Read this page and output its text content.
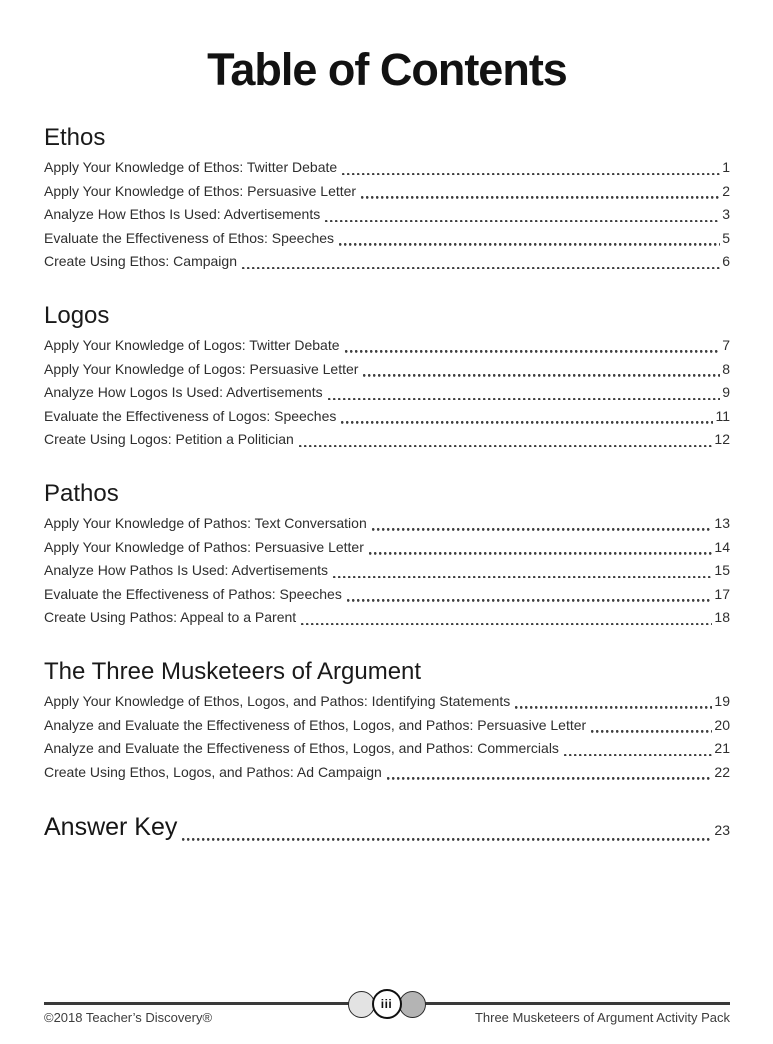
Table of Contents
Ethos
Apply Your Knowledge of Ethos: Twitter Debate	1
Apply Your Knowledge of Ethos: Persuasive Letter	2
Analyze How Ethos Is Used: Advertisements	3
Evaluate the Effectiveness of Ethos: Speeches	5
Create Using Ethos: Campaign	6
Logos
Apply Your Knowledge of Logos: Twitter Debate	7
Apply Your Knowledge of Logos: Persuasive Letter	8
Analyze How Logos Is Used: Advertisements	9
Evaluate the Effectiveness of Logos: Speeches	11
Create Using Logos: Petition a Politician	12
Pathos
Apply Your Knowledge of Pathos: Text Conversation	13
Apply Your Knowledge of Pathos: Persuasive Letter	14
Analyze How Pathos Is Used: Advertisements	15
Evaluate the Effectiveness of Pathos: Speeches	17
Create Using Pathos: Appeal to a Parent	18
The Three Musketeers of Argument
Apply Your Knowledge of Ethos, Logos, and Pathos: Identifying Statements	19
Analyze and Evaluate the Effectiveness of Ethos, Logos, and Pathos: Persuasive Letter	20
Analyze and Evaluate the Effectiveness of Ethos, Logos, and Pathos: Commercials	21
Create Using Ethos, Logos, and Pathos: Ad Campaign	22
Answer Key	23
iii
©2018 Teacher’s Discovery®	Three Musketeers of Argument Activity Pack
